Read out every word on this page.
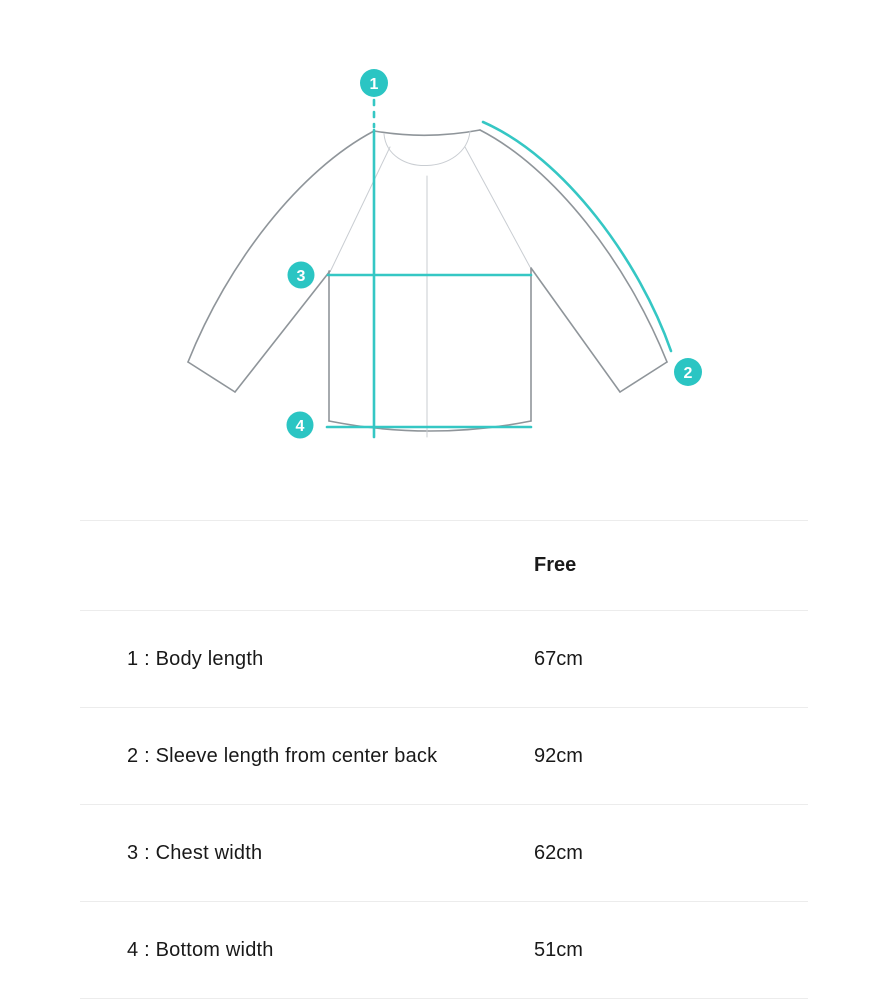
1
2
3
4
Free
1 : Body length	67cm
2 : Sleeve length from center back	92cm
3 : Chest width	62cm
4 : Bottom width	51cm
